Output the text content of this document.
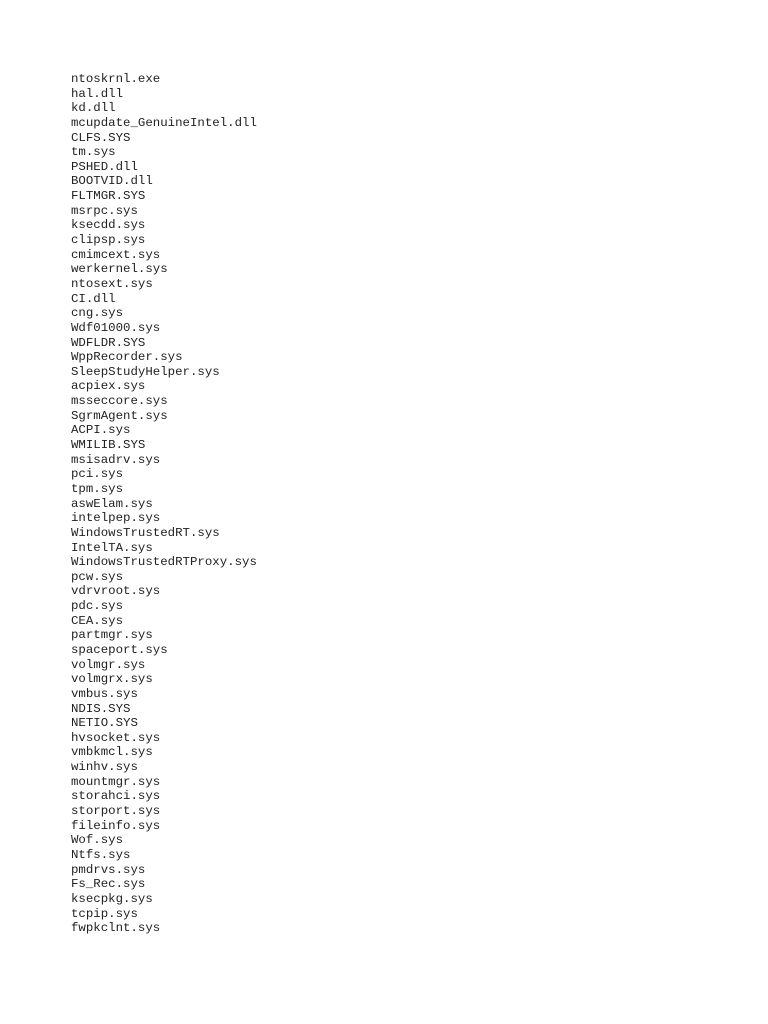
ntoskrnl.exe
hal.dll
kd.dll
mcupdate_GenuineIntel.dll
CLFS.SYS
tm.sys
PSHED.dll
BOOTVID.dll
FLTMGR.SYS
msrpc.sys
ksecdd.sys
clipsp.sys
cmimcext.sys
werkernel.sys
ntosext.sys
CI.dll
cng.sys
Wdf01000.sys
WDFLDR.SYS
WppRecorder.sys
SleepStudyHelper.sys
acpiex.sys
msseccore.sys
SgrmAgent.sys
ACPI.sys
WMILIB.SYS
msisadrv.sys
pci.sys
tpm.sys
aswElam.sys
intelpep.sys
WindowsTrustedRT.sys
IntelTA.sys
WindowsTrustedRTProxy.sys
pcw.sys
vdrvroot.sys
pdc.sys
CEA.sys
partmgr.sys
spaceport.sys
volmgr.sys
volmgrx.sys
vmbus.sys
NDIS.SYS
NETIO.SYS
hvsocket.sys
vmbkmcl.sys
winhv.sys
mountmgr.sys
storahci.sys
storport.sys
fileinfo.sys
Wof.sys
Ntfs.sys
pmdrvs.sys
Fs_Rec.sys
ksecpkg.sys
tcpip.sys
fwpkclnt.sys
